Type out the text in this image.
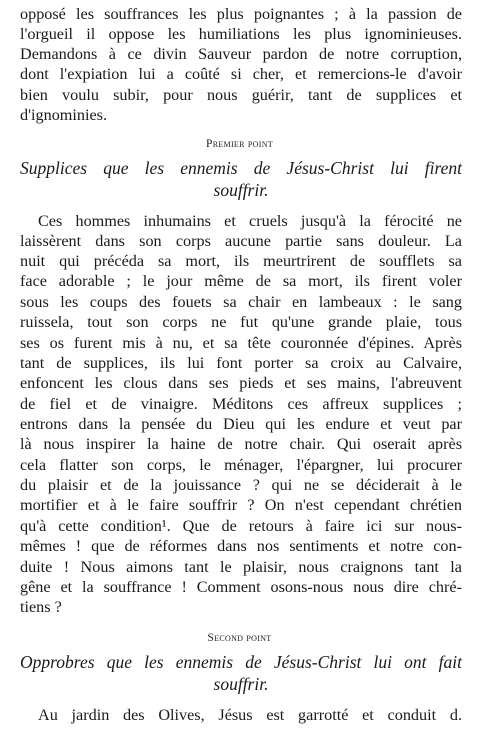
opposé les souffrances les plus poignantes ; à la passion de
l'orgueil il oppose les humiliations les plus ignominieuses.
Demandons à ce divin Sauveur pardon de notre corruption,
dont l'expiation lui a coûté si cher, et remercions-le d'avoir
bien voulu subir, pour nous guérir, tant de supplices et
d'ignominies.
Premier point
Supplices que les ennemis de Jésus-Christ lui firent
souffrir.
Ces hommes inhumains et cruels jusqu'à la férocité ne
laissèrent dans son corps aucune partie sans douleur. La
nuit qui précéda sa mort, ils meurtrirent de soufflets sa
face adorable ; le jour même de sa mort, ils firent voler
sous les coups des fouets sa chair en lambeaux : le sang
ruissela, tout son corps ne fut qu'une grande plaie, tous
ses os furent mis à nu, et sa tête couronnée d'épines. Après
tant de supplices, ils lui font porter sa croix au Calvaire,
enfoncent les clous dans ses pieds et ses mains, l'abreuvent
de fiel et de vinaigre. Méditons ces affreux supplices ;
entrons dans la pensée du Dieu qui les endure et veut par
là nous inspirer la haine de notre chair. Qui oserait après
cela flatter son corps, le ménager, l'épargner, lui procurer
du plaisir et de la jouissance ? qui ne se déciderait à le
mortifier et à le faire souffrir ? On n'est cependant chrétien
qu'à cette condition¹. Que de retours à faire ici sur nous-
mêmes ! que de réformes dans nos sentiments et notre con-
duite ! Nous aimons tant le plaisir, nous craignons tant la
gêne et la souffrance ! Comment osons-nous nous dire chré-
tiens ?
Second point
Opprobres que les ennemis de Jésus-Christ lui ont fait
souffrir.
Au jardin des Olives, Jésus est garrotté et conduit d.
